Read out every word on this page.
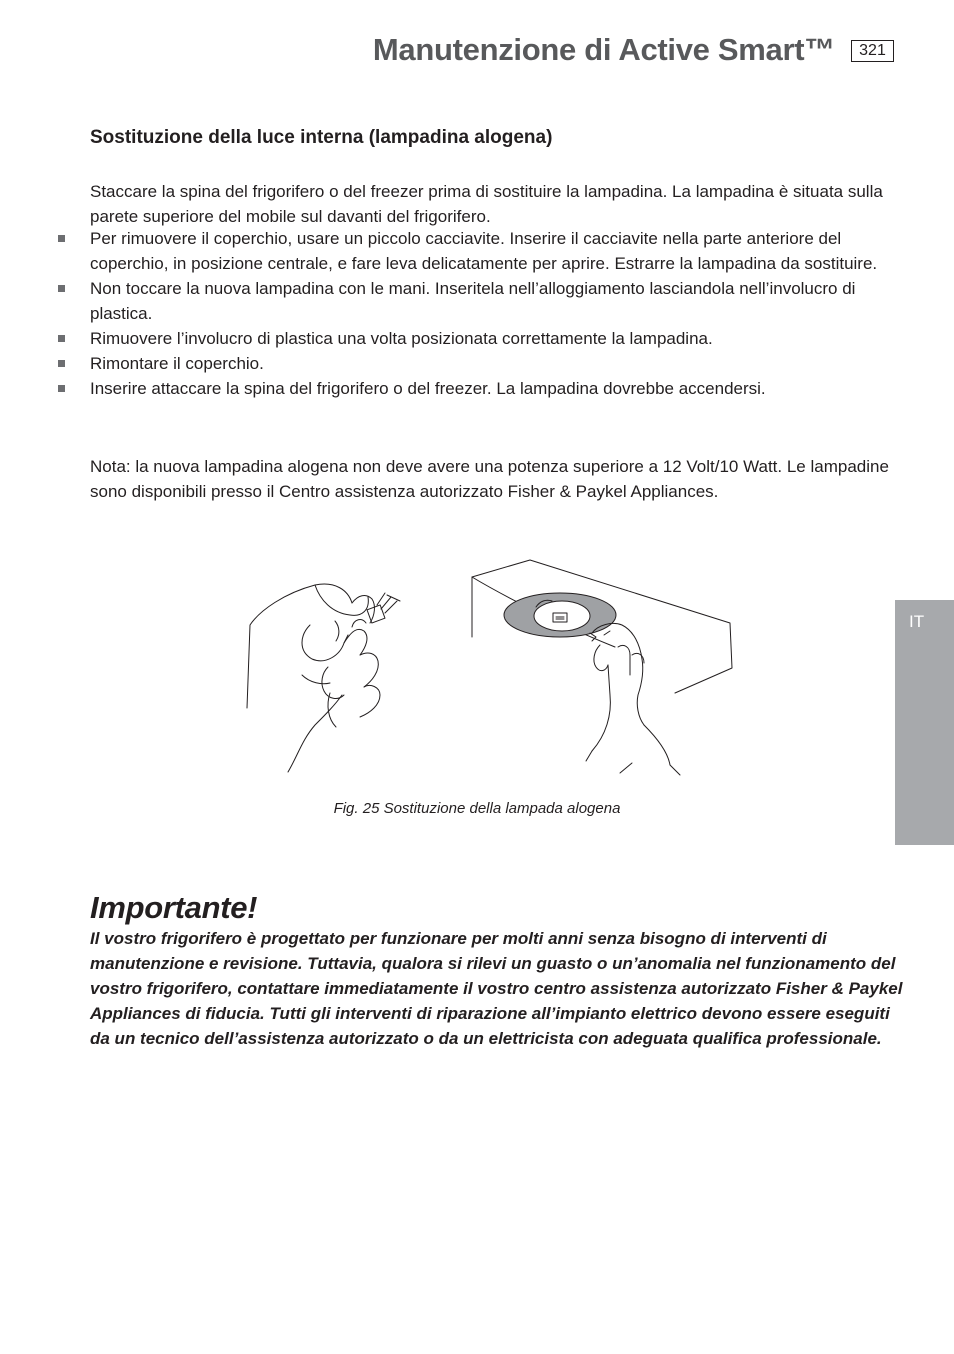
Manutenzione di Active Smart™	321
IT
Sostituzione della luce interna (lampadina alogena)

Staccare la spina del frigorifero o del freezer prima di sostituire la lampadina. La lampadina è situata sulla parete superiore del mobile sul davanti del frigorifero.

Per rimuovere il coperchio, usare un piccolo cacciavite. Inserire il cacciavite nella parte anteriore del coperchio, in posizione centrale, e fare leva delicatamente per aprire. Estrarre la lampadina da sostituire.
Non toccare la nuova lampadina con le mani. Inseritela nell’alloggiamento lasciandola nell’involucro di plastica.
Rimuovere l’involucro di plastica una volta posizionata correttamente la lampadina.
Rimontare il coperchio.
Inserire attaccare la spina del frigorifero o del freezer. La lampadina dovrebbe accendersi.

Nota: la nuova lampadina alogena non deve avere una potenza superiore a 12 Volt/10 Watt. Le lampadine sono disponibili presso il Centro assistenza autorizzato Fisher & Paykel Appliances.

Fig. 25 Sostituzione della lampada alogena
Importante!

Il vostro frigorifero è progettato per funzionare per molti anni senza bisogno di interventi di manutenzione e revisione. Tuttavia, qualora si rilevi un guasto o un’anomalia nel funzionamento del vostro frigorifero, contattare immediatamente il vostro centro assistenza autorizzato Fisher & Paykel Appliances di fiducia. Tutti gli interventi di riparazione all’impianto elettrico devono essere eseguiti da un tecnico dell’assistenza autorizzato o da un elettricista con adeguata qualifica professionale.
